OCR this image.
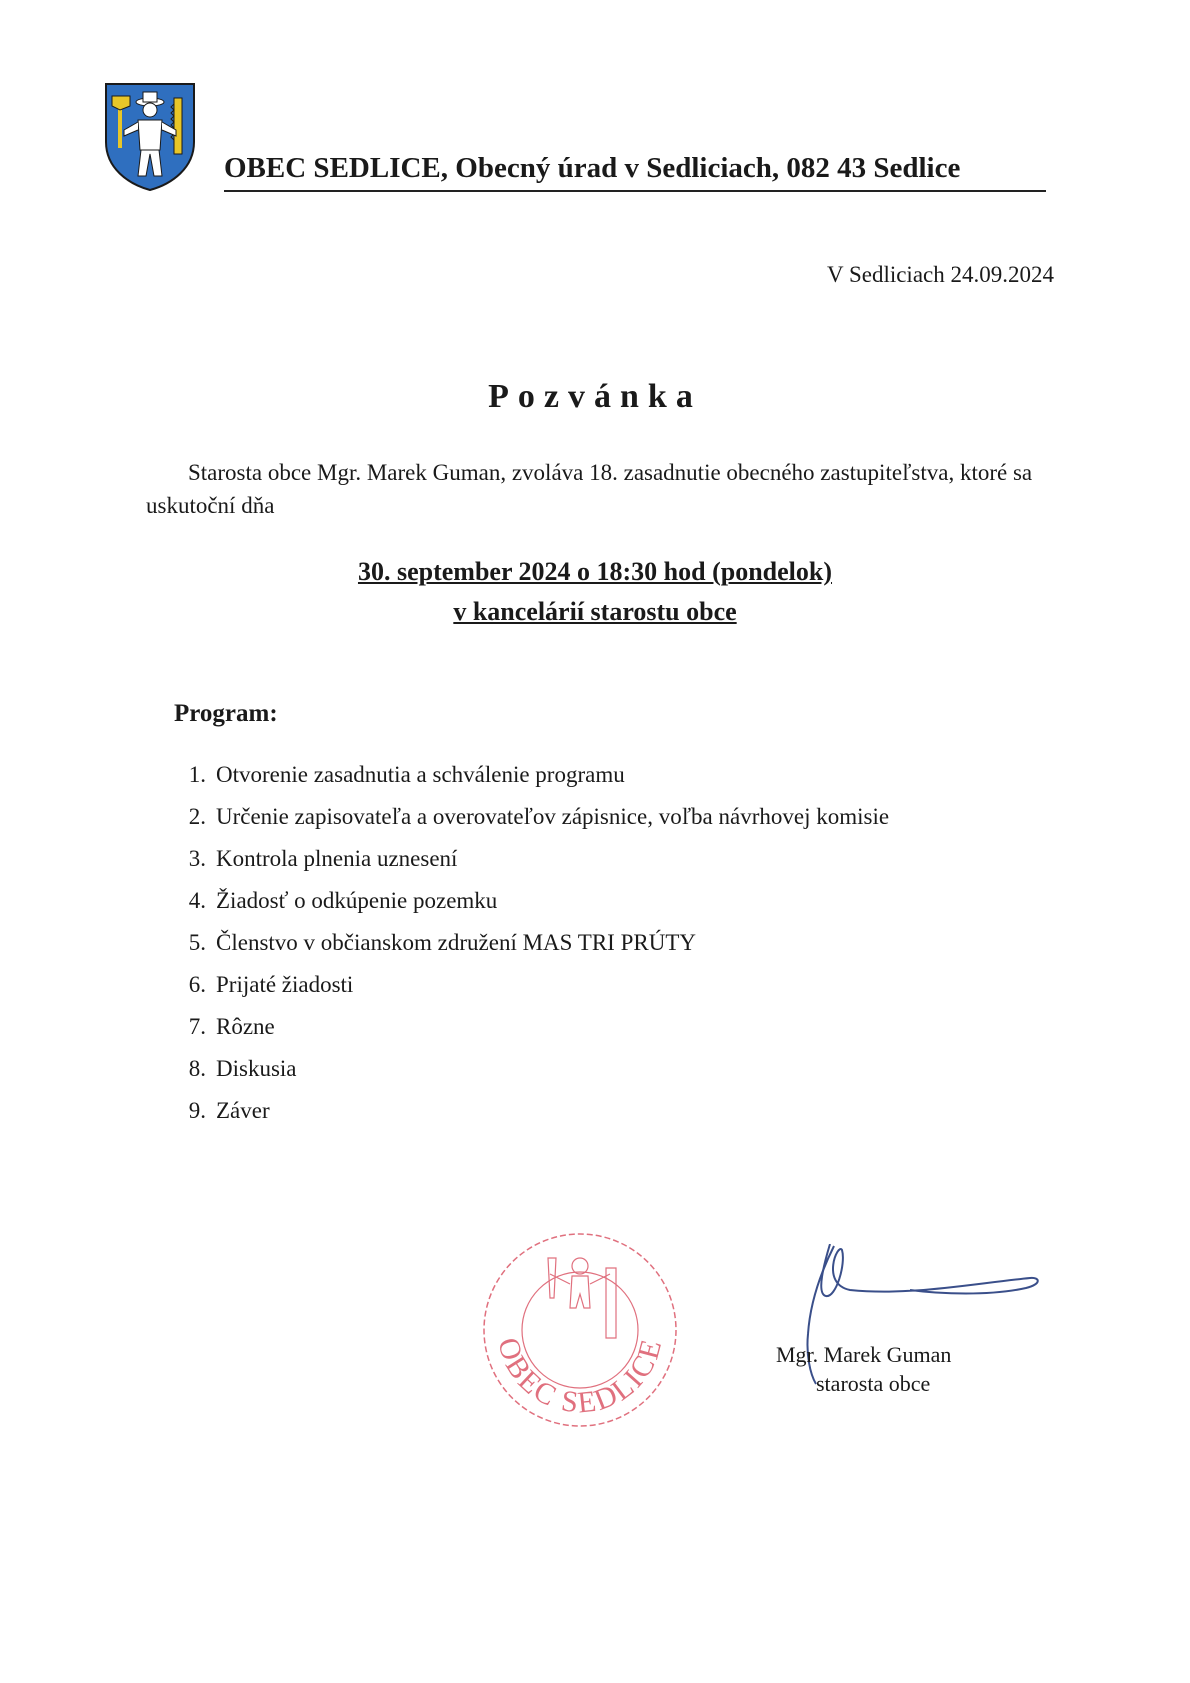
OBEC SEDLICE, Obecný úrad v Sedliciach, 082 43 Sedlice
V Sedliciach 24.09.2024
Pozvánka
Starosta obce Mgr. Marek Guman, zvoláva 18. zasadnutie obecného zastupiteľstva, ktoré sa uskutoční dňa
30. september 2024 o 18:30 hod (pondelok)
v kancelárií starostu obce
Program:
1. Otvorenie zasadnutia a schválenie programu
2. Určenie zapisovateľa a overovateľov zápisnice, voľba návrhovej komisie
3. Kontrola plnenia uznesení
4. Žiadosť o odkúpenie pozemku
5. Členstvo v občianskom združení MAS TRI PRÚTY
6. Prijaté žiadosti
7. Rôzne
8. Diskusia
9. Záver
OBEC SEDLICE	Mgr. Marek Guman
starosta obce
